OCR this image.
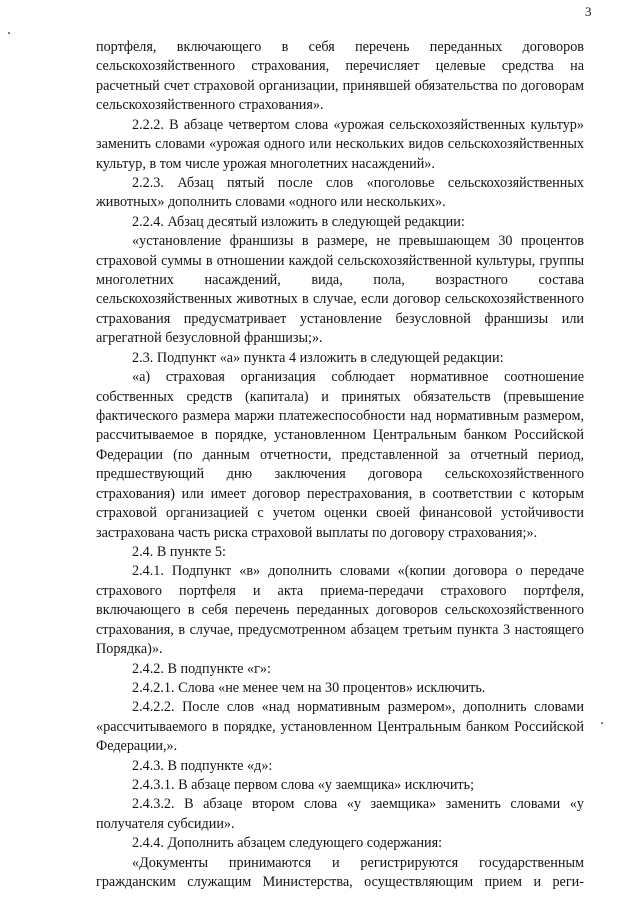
3

портфеля, включающего в себя перечень переданных договоров сельскохозяйственного страхования, перечисляет целевые средства на расчетный счет страховой организации, принявшей обязательства по договорам сельскохозяйственного страхования».

2.2.2. В абзаце четвертом слова «урожая сельскохозяйственных культур» заменить словами «урожая одного или нескольких видов сельскохозяйственных культур, в том числе урожая многолетних насаждений».

2.2.3. Абзац пятый после слов «поголовье сельскохозяйственных животных» дополнить словами «одного или нескольких».

2.2.4. Абзац десятый изложить в следующей редакции:

«установление франшизы в размере, не превышающем 30 процентов страховой суммы в отношении каждой сельскохозяйственной культуры, группы многолетних насаждений, вида, пола, возрастного состава сельскохозяйственных животных в случае, если договор сельскохозяйственного страхования предусматривает установление безусловной франшизы или агрегатной безусловной франшизы;».

2.3. Подпункт «а» пункта 4 изложить в следующей редакции:

«а) страховая организация соблюдает нормативное соотношение собственных средств (капитала) и принятых обязательств (превышение фактического размера маржи платежеспособности над нормативным размером, рассчитываемое в порядке, установленном Центральным банком Российской Федерации (по данным отчетности, представленной за отчетный период, предшествующий дню заключения договора сельскохозяйственного страхования) или имеет договор перестрахования, в соответствии с которым страховой организацией с учетом оценки своей финансовой устойчивости застрахована часть риска страховой выплаты по договору страхования;».

2.4. В пункте 5:

2.4.1. Подпункт «в» дополнить словами «(копии договора о передаче страхового портфеля и акта приема-передачи страхового портфеля, включающего в себя перечень переданных договоров сельскохозяйственного страхования, в случае, предусмотренном абзацем третьим пункта 3 настоящего Порядка)».

2.4.2. В подпункте «г»:

2.4.2.1. Слова «не менее чем на 30 процентов» исключить.

2.4.2.2. После слов «над нормативным размером», дополнить словами «рассчитываемого в порядке, установленном Центральным банком Российской Федерации,».

2.4.3. В подпункте «д»:

2.4.3.1. В абзаце первом слова «у заемщика» исключить;

2.4.3.2. В абзаце втором слова «у заемщика» заменить словами «у получателя субсидии».

2.4.4. Дополнить абзацем следующего содержания:

«Документы принимаются и регистрируются государственным гражданским служащим Министерства, осуществляющим прием и реги-
